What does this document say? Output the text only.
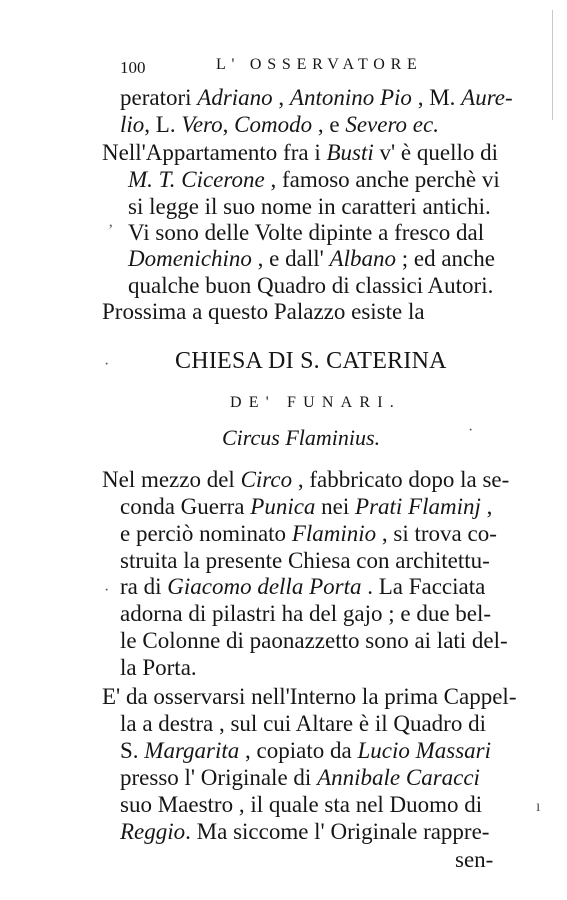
100	L' OSSERVATORE
peratori Adriano , Antonino Pio , M. Aure-
lio, L. Vero, Comodo , e Severo ec.
Nell'Appartamento fra i Busti v' è quello di
M. T. Cicerone , famoso anche perchè vi
si legge il suo nome in caratteri antichi.
Vi sono delle Volte dipinte a fresco dal
Domenichino , e dall' Albano ; ed anche
qualche buon Quadro di classici Autori.
Prossima a questo Palazzo esiste la
CHIESA DI S. CATERINA
DE' FUNARI.
Circus Flaminius.
Nel mezzo del Circo , fabbricato dopo la se-
conda Guerra Punica nei Prati Flaminj ,
e perciò nominato Flaminio , si trova co-
struita la presente Chiesa con architettu-
ra di Giacomo della Porta . La Facciata
adorna di pilastri ha del gajo ; e due bel-
le Colonne di paonazzetto sono ai lati del-
la Porta.
E' da osservarsi nell'Interno la prima Cappel-
la a destra , sul cui Altare è il Quadro di
S. Margarita , copiato da Lucio Massari
presso l' Originale di Annibale Caracci
suo Maestro , il quale sta nel Duomo di
Reggio. Ma siccome l' Originale rappre-
sen-
ʼ
·
·
·
ı
